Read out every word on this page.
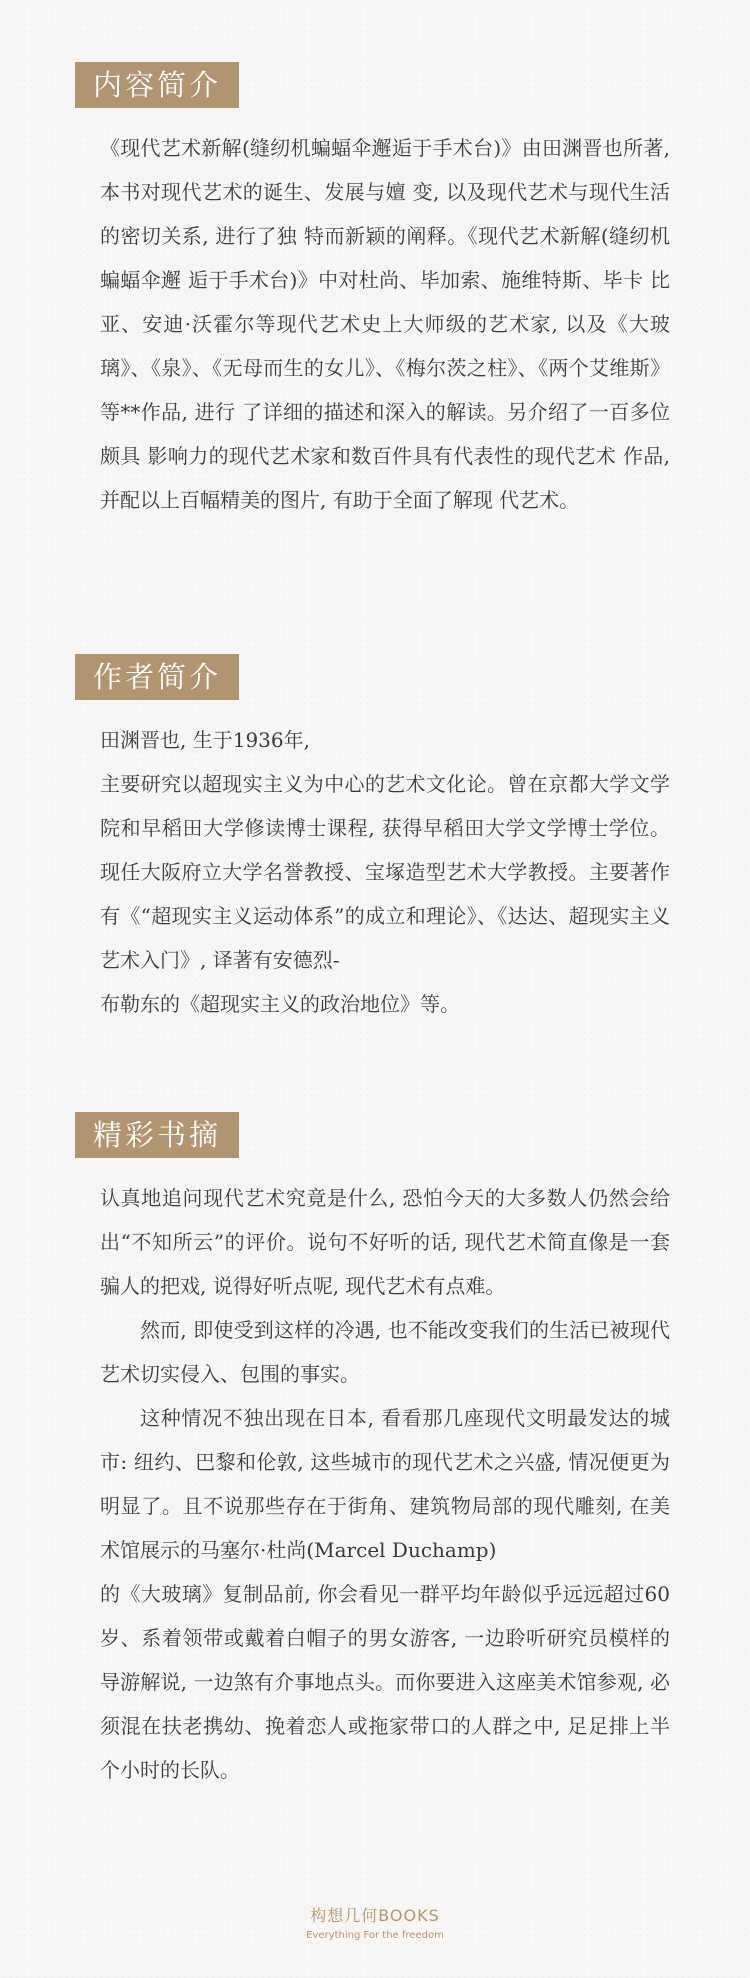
内容简介

《现代艺术新解(缝纫机蝙蝠伞邂逅于手术台)》由田渊晋也所著, 本书对现代艺术的诞生、发展与嬗 变, 以及现代艺术与现代生活的密切关系, 进行了独 特而新颖的阐释。《现代艺术新解(缝纫机蝙蝠伞邂 逅于手术台)》中对杜尚、毕加索、施维特斯、毕卡 比亚、安迪·沃霍尔等现代艺术史上大师级的艺术家, 以及《大玻璃》、《泉》、《无母而生的女儿》、《梅尔茨之柱》、《两个艾维斯》等**作品, 进行 了详细的描述和深入的解读。另介绍了一百多位颇具 影响力的现代艺术家和数百件具有代表性的现代艺术 作品, 并配以上百幅精美的图片, 有助于全面了解现 代艺术。

作者简介

田渊晋也, 生于1936年,

主要研究以超现实主义为中心的艺术文化论。曾在京都大学文学院和早稻田大学修读博士课程, 获得早稻田大学文学博士学位。现任大阪府立大学名誉教授、宝塚造型艺术大学教授。主要著作有《“超现实主义运动体系”的成立和理论》、《达达、超现实主义艺术入门》, 译著有安德烈-

布勒东的《超现实主义的政治地位》等。

精彩书摘

认真地追问现代艺术究竟是什么, 恐怕今天的大多数人仍然会给出“不知所云”的评价。说句不好听的话, 现代艺术简直像是一套骗人的把戏, 说得好听点呢, 现代艺术有点难。

然而, 即使受到这样的冷遇, 也不能改变我们的生活已被现代艺术切实侵入、包围的事实。

这种情况不独出现在日本, 看看那几座现代文明最发达的城市: 纽约、巴黎和伦敦, 这些城市的现代艺术之兴盛, 情况便更为明显了。且不说那些存在于街角、建筑物局部的现代雕刻, 在美术馆展示的马塞尔·杜尚(Marcel Duchamp)

的《大玻璃》复制品前, 你会看见一群平均年龄似乎远远超过60 岁、系着领带或戴着白帽子的男女游客, 一边聆听研究员模样的导游解说, 一边煞有介事地点头。而你要进入这座美术馆参观, 必须混在扶老携幼、挽着恋人或拖家带口的人群之中, 足足排上半个小时的长队。

构想几何BOOKS
Everything For the freedom
